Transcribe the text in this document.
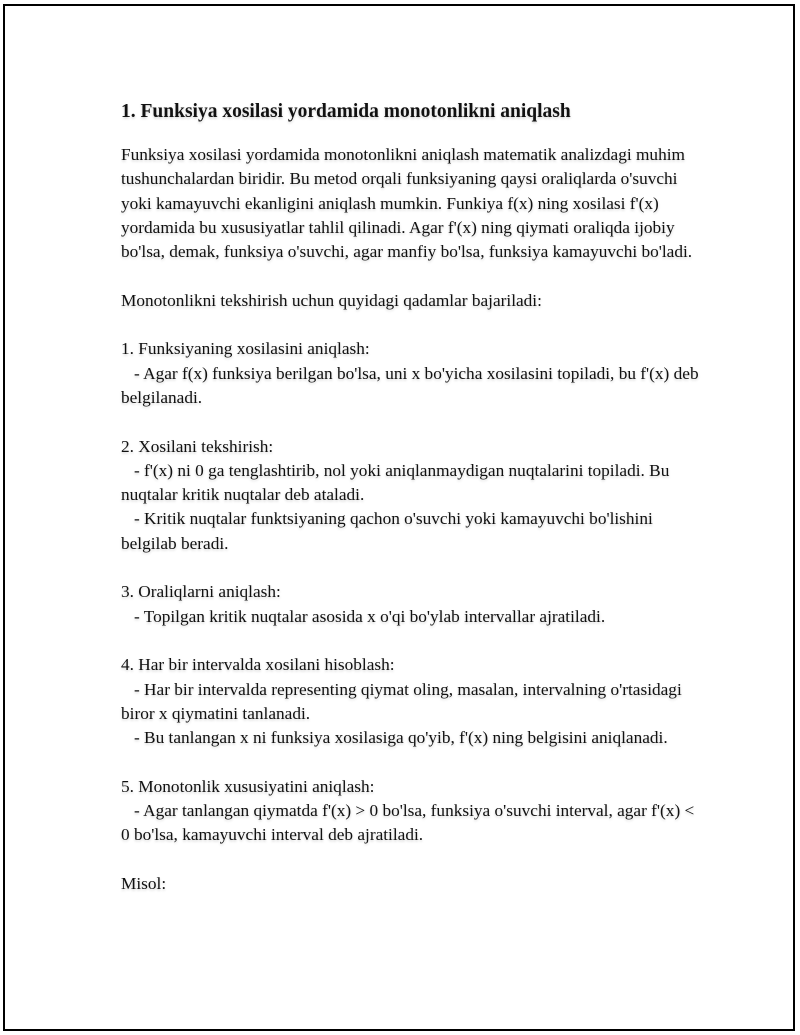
1. Funksiya xosilasi yordamida monotonlikni aniqlash

Funksiya xosilasi yordamida monotonlikni aniqlash matematik analizdagi muhim tushunchalardan biridir. Bu metod orqali funksiyaning qaysi oraliqlarda o'suvchi yoki kamayuvchi ekanligini aniqlash mumkin. Funkiya f(x) ning xosilasi f'(x) yordamida bu xususiyatlar tahlil qilinadi. Agar f'(x) ning qiymati oraliqda ijobiy bo'lsa, demak, funksiya o'suvchi, agar manfiy bo'lsa, funksiya kamayuvchi bo'ladi.

Monotonlikni tekshirish uchun quyidagi qadamlar bajariladi:

1. Funksiyaning xosilasini aniqlash:

- Agar f(x) funksiya berilgan bo'lsa, uni x bo'yicha xosilasini topiladi, bu f'(x) deb belgilanadi.

2. Xosilani tekshirish:

- f'(x) ni 0 ga tenglashtirib, nol yoki aniqlanmaydigan nuqtalarini topiladi. Bu nuqtalar kritik nuqtalar deb ataladi.

- Kritik nuqtalar funktsiyaning qachon o'suvchi yoki kamayuvchi bo'lishini belgilab beradi.

3. Oraliqlarni aniqlash:

- Topilgan kritik nuqtalar asosida x o'qi bo'ylab intervallar ajratiladi.

4. Har bir intervalda xosilani hisoblash:

- Har bir intervalda representing qiymat oling, masalan, intervalning o'rtasidagi biror x qiymatini tanlanadi.

- Bu tanlangan x ni funksiya xosilasiga qo'yib, f'(x) ning belgisini aniqlanadi.

5. Monotonlik xususiyatini aniqlash:

- Agar tanlangan qiymatda f'(x) > 0 bo'lsa, funksiya o'suvchi interval, agar f'(x) < 0 bo'lsa, kamayuvchi interval deb ajratiladi.

Misol:
